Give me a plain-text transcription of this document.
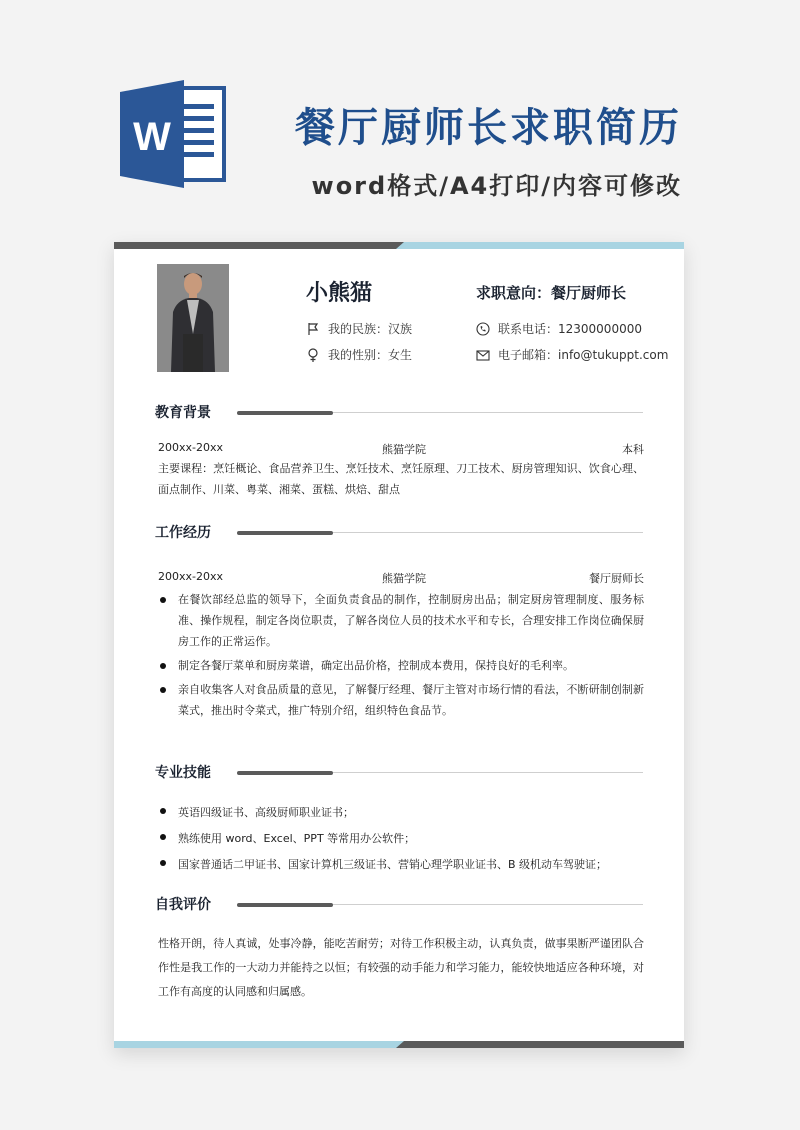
W	餐厅厨师长求职简历
word格式/A4打印/内容可修改
小熊猫	求职意向：餐厅厨师长
我的民族：汉族
我的性别：女生
联系电话：12300000000
电子邮箱：info@tukuppt.com
教育背景
200xx-20xx	熊猫学院	本科
主要课程：烹饪概论、食品营养卫生、烹饪技术、烹饪原理、刀工技术、厨房管理知识、饮食心理、面点制作、川菜、粤菜、湘菜、蛋糕、烘焙、甜点
工作经历
200xx-20xx	熊猫学院	餐厅厨师长
在餐饮部经总监的领导下，全面负责食品的制作，控制厨房出品；制定厨房管理制度、服务标准、操作规程，制定各岗位职责，了解各岗位人员的技术水平和专长，合理安排工作岗位确保厨房工作的正常运作。
制定各餐厅菜单和厨房菜谱，确定出品价格，控制成本费用，保持良好的毛利率。
亲自收集客人对食品质量的意见，了解餐厅经理、餐厅主管对市场行情的看法，不断研制创制新菜式，推出时令菜式，推广特别介绍，组织特色食品节。
专业技能
英语四级证书、高级厨师职业证书；
熟练使用 word、Excel、PPT 等常用办公软件；
国家普通话二甲证书、国家计算机三级证书、营销心理学职业证书、B 级机动车驾驶证；
自我评价
性格开朗，待人真诚，处事冷静，能吃苦耐劳；对待工作积极主动，认真负责，做事果断严谨团队合作性是我工作的一大动力并能持之以恒；有较强的动手能力和学习能力，能较快地适应各种环境，对工作有高度的认同感和归属感。
